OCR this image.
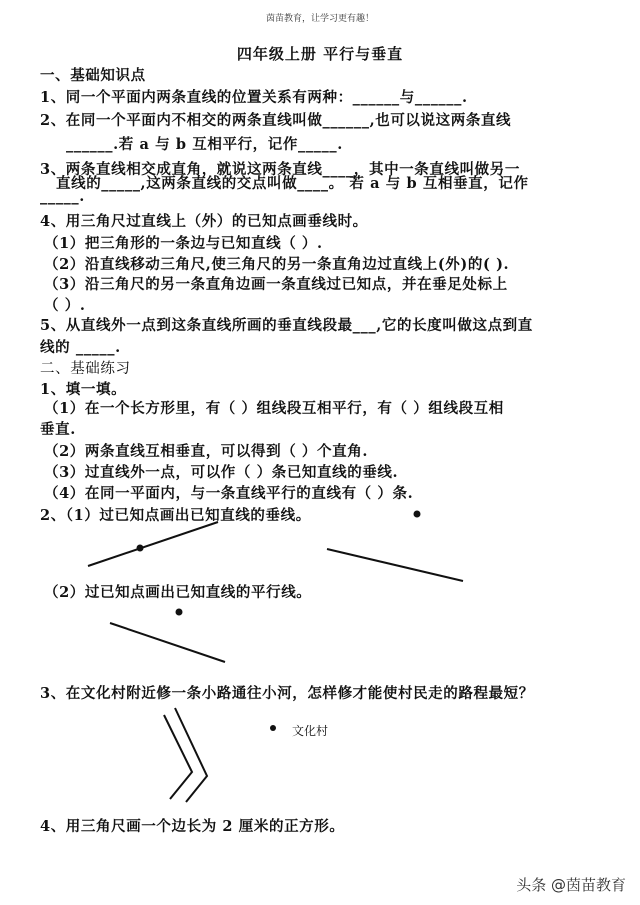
茵苗教育，让学习更有趣！
四年级上册 平行与垂直
一、基础知识点
1、同一个平面内两条直线的位置关系有两种：______与______.
2、在同一个平面内不相交的两条直线叫做______,也可以说这两条直线
______.若 a 与 b 互相平行，记作_____.
3、两条直线相交成直角，就说这两条直线____，其中一条直线叫做另一
直线的_____,这两条直线的交点叫做____。 若 a 与 b 互相垂直，记作
_____.
4、用三角尺过直线上（外）的已知点画垂线时。
（1）把三角形的一条边与已知直线（ ）.
（2）沿直线移动三角尺,使三角尺的另一条直角边过直线上(外)的( ).
（3）沿三角尺的另一条直角边画一条直线过已知点，并在垂足处标上
（ ）.
5、从直线外一点到这条直线所画的垂直线段最___,它的长度叫做这点到直
线的 _____.
二、基础练习
1、填一填。
（1）在一个长方形里，有（ ）组线段互相平行，有（ ）组线段互相
垂直.
（2）两条直线互相垂直，可以得到（ ）个直角.
（3）过直线外一点，可以作（ ）条已知直线的垂线.
（4）在同一平面内，与一条直线平行的直线有（ ）条.
2、（1）过已知点画出已知直线的垂线。
（2）过已知点画出已知直线的平行线。
3、在文化村附近修一条小路通往小河，怎样修才能使村民走的路程最短？
文化村
4、用三角尺画一个边长为 2 厘米的正方形。
头条 @茵苗教育
